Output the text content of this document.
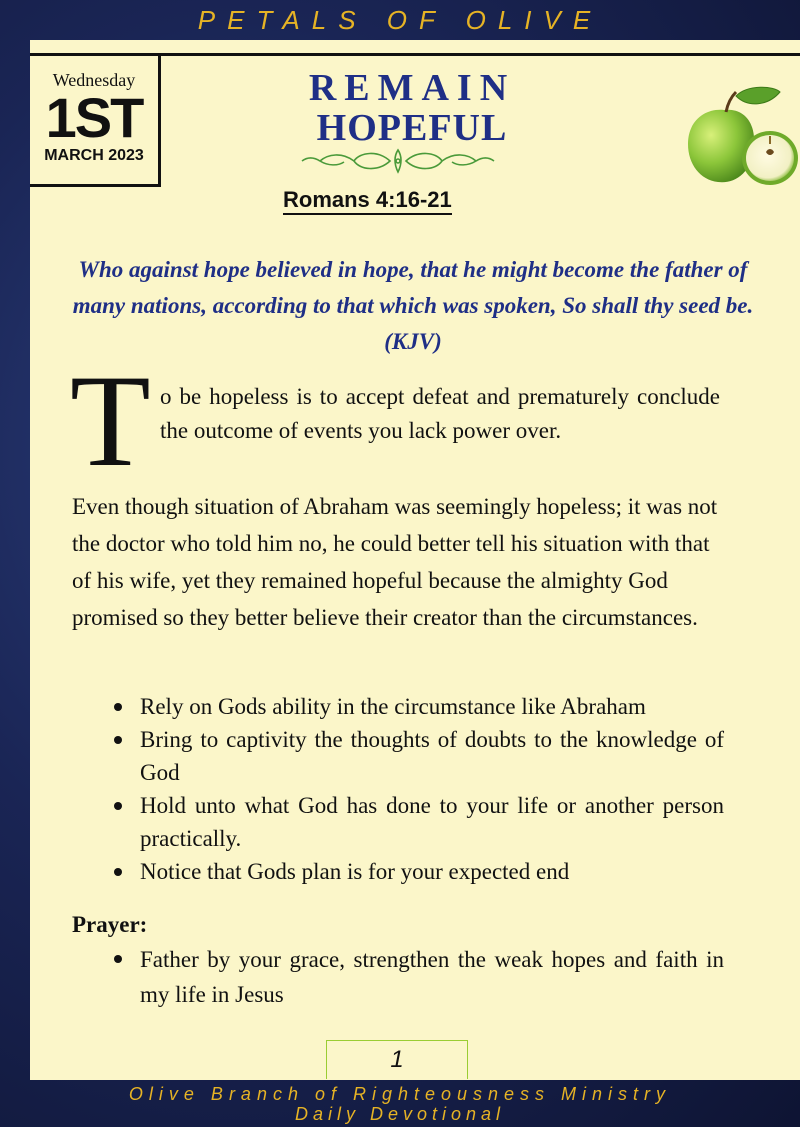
PETALS OF OLIVE
Wednesday
1ST
MARCH 2023
REMAIN
HOPEFUL
Romans 4:16-21
Who against hope believed in hope, that he might become the father of many nations, according to that which was spoken, So shall thy seed be.(KJV)
T o be hopeless is to accept defeat and prematurely conclude the outcome of events you lack power over.
Even though situation of Abraham was seemingly hopeless; it was not the doctor who told him no, he could better tell his situation with that of his wife, yet they remained hopeful because the almighty God promised so they better believe their creator than the circumstances.
Rely on Gods ability in the circumstance like Abraham
Bring to captivity the thoughts of doubts to the knowledge of God
Hold unto what God has done to your life or another person practically.
Notice that Gods plan is for your expected end
Prayer:
Father by your grace, strengthen the weak hopes and faith in my life in Jesus
1
Olive Branch of Righteousness Ministry
Daily Devotional
